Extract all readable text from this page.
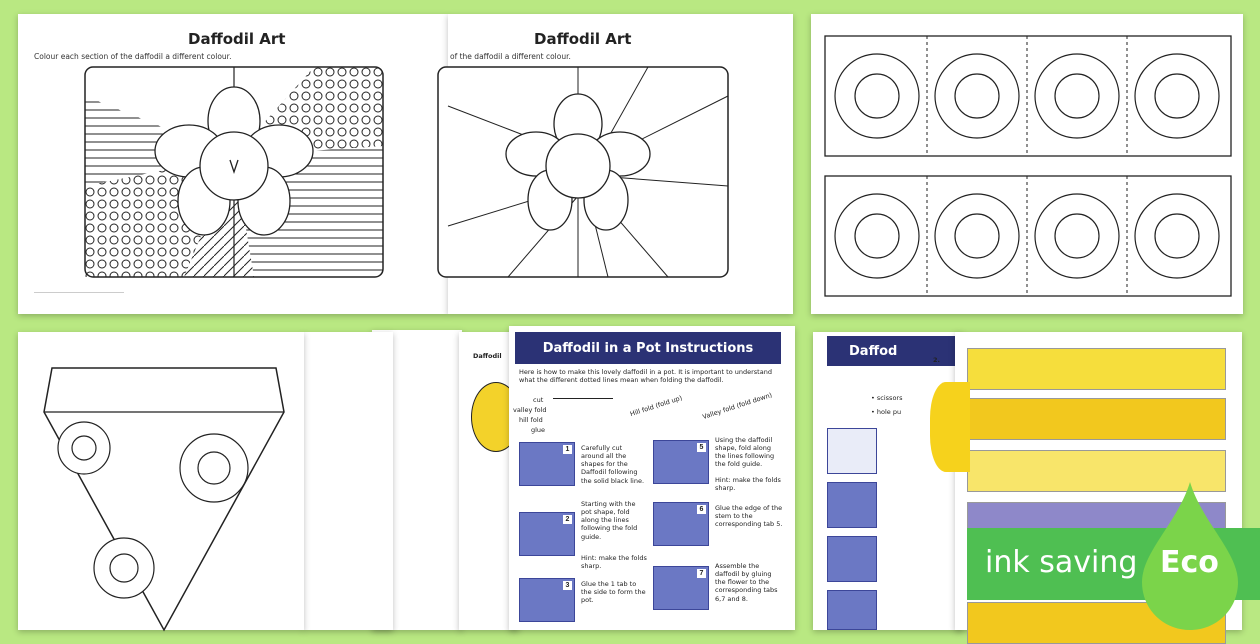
Daffodil Art
Colour each section of the daffodil a different colour.
Daffodil Art
of the daffodil a different colour.
Daffodil
Daffodil in a Pot Instructions
Here is how to make this lovely daffodil in a pot. It is important to understand what the different dotted lines mean when folding the daffodil.
cut
valley fold
hill fold
glue
Hill fold (fold up)	Valley fold (fold down)
1	Carefully cut around all the shapes for the Daffodil following the solid black line.
2
Starting with the pot shape, fold along the lines following the fold guide.
Hint: make the folds sharp.
3	Glue the 1 tab to the side to form the pot.
5
Using the daffodil shape, fold along the lines following the fold guide.
Hint: make the folds sharp.
6	Glue the edge of the stem to the corresponding tab 5.
7
Assemble the daffodil by gluing the flower to the corresponding tabs 6,7 and 8.
Daffod
• scissors
• hole pu
2.
ink saving Eco
